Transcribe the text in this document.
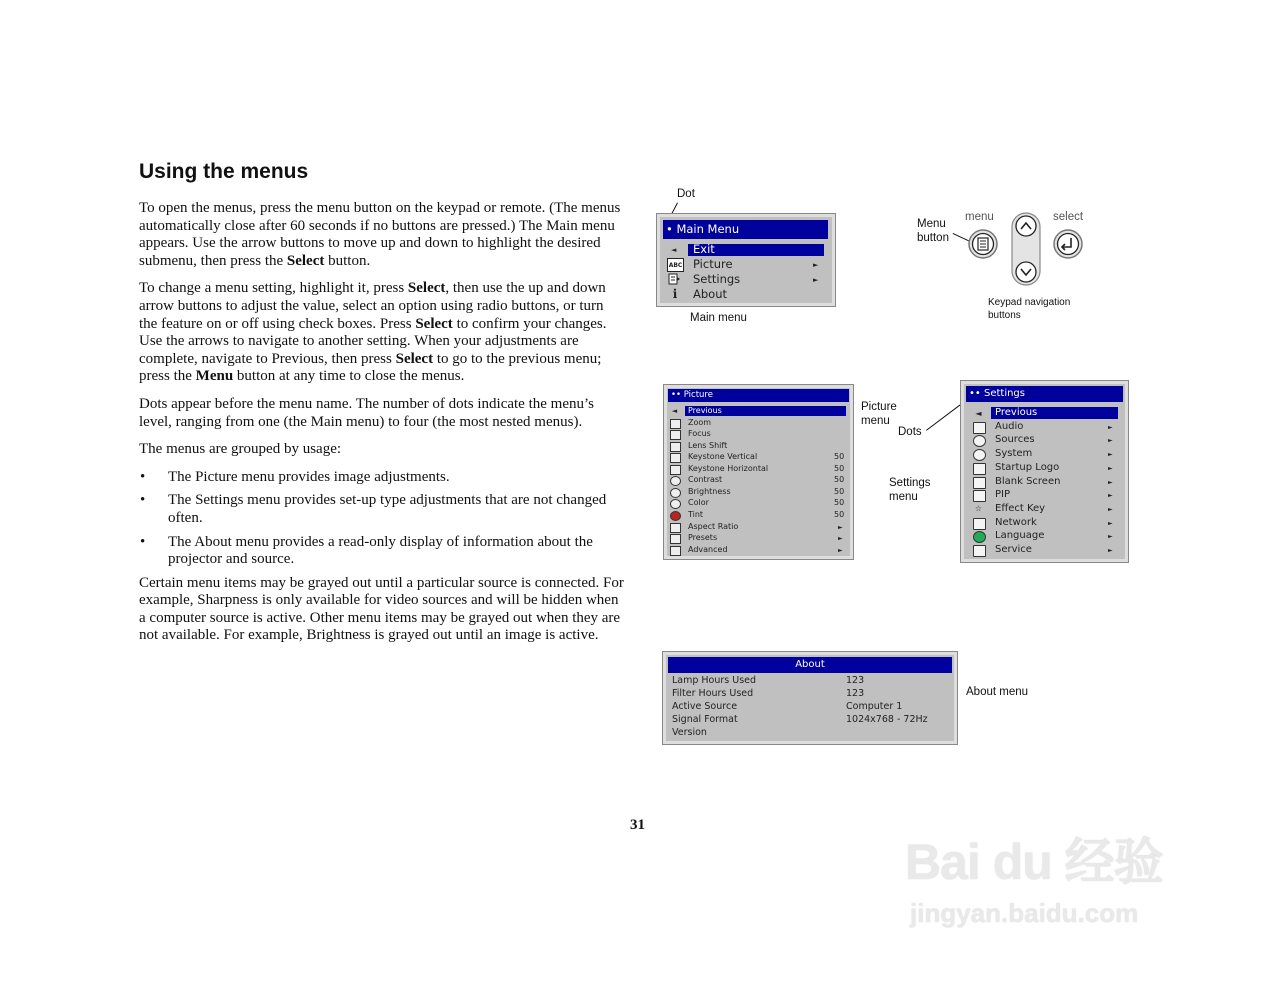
Using the menus

To open the menus, press the menu button on the keypad or remote. (The menus automatically close after 60 seconds if no buttons are pressed.) The Main menu appears. Use the arrow buttons to move up and down to highlight the desired submenu, then press the Select button.

To change a menu setting, highlight it, press Select, then use the up and down arrow buttons to adjust the value, select an option using radio buttons, or turn the feature on or off using check boxes. Press Select to confirm your changes. Use the arrows to navigate to another setting. When your adjustments are complete, navigate to Previous, then press Select to go to the previous menu; press the Menu button at any time to close the menus.

Dots appear before the menu name. The number of dots indicate the menu’s level, ranging from one (the Main menu) to four (the most nested menus).

The menus are grouped by usage:

• The Picture menu provides image adjustments.
• The Settings menu provides set-up type adjustments that are not changed often.
• The About menu provides a read-only display of information about the projector and source.

Certain menu items may be grayed out until a particular source is connected. For example, Sharpness is only available for video sources and will be hidden when a computer source is active. Other menu items may be grayed out when they are not available. For example, Brightness is grayed out until an image is active.

Dot
• Main Menu
◄ Exit
ABC Picture	►
Settings	►
i About
Main menu
Menu
button
menu	select
Keypad navigation
buttons
•• Picture
◄ Previous
Zoom
Focus
Lens Shift
Keystone Vertical	50
Keystone Horizontal	50
Contrast	50
Brightness	50
Color	50
Tint	50
Aspect Ratio	►
Presets	►
Advanced	►
Picture
menu
Dots
Settings
menu
•• Settings
◄ Previous
Audio	►
Sources	►
System	►
Startup Logo	►
Blank Screen	►
PIP	►
☆ Effect Key	►
Network	►
Language	►
Service	►
About
Lamp Hours Used	123
Filter Hours Used	123
Active Source	Computer 1
Signal Format	1024x768 - 72Hz
Version
About menu
31
Bai du 经验
jingyan.baidu.com
